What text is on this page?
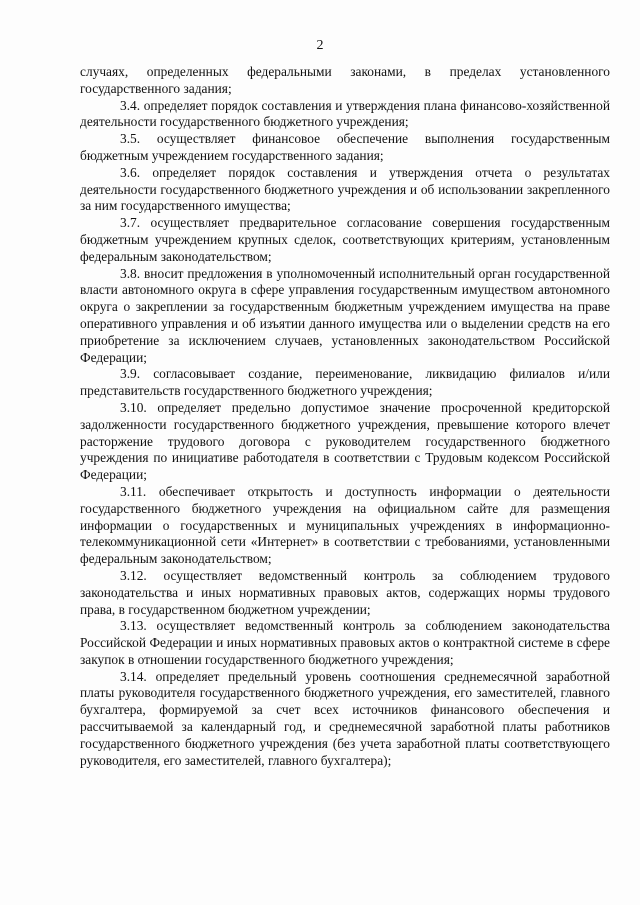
2

случаях, определенных федеральными законами, в пределах установленного государственного задания;

3.4. определяет порядок составления и утверждения плана финансово-хозяйственной деятельности государственного бюджетного учреждения;

3.5. осуществляет финансовое обеспечение выполнения государственным бюджетным учреждением государственного задания;

3.6. определяет порядок составления и утверждения отчета о результатах деятельности государственного бюджетного учреждения и об использовании закрепленного за ним государственного имущества;

3.7. осуществляет предварительное согласование совершения государственным бюджетным учреждением крупных сделок, соответствующих критериям, установленным федеральным законодательством;

3.8. вносит предложения в уполномоченный исполнительный орган государственной власти автономного округа в сфере управления государственным имуществом автономного округа о закреплении за государственным бюджетным учреждением имущества на праве оперативного управления и об изъятии данного имущества или о выделении средств на его приобретение за исключением случаев, установленных законодательством Российской Федерации;

3.9. согласовывает создание, переименование, ликвидацию филиалов и/или представительств государственного бюджетного учреждения;

3.10. определяет предельно допустимое значение просроченной кредиторской задолженности государственного бюджетного учреждения, превышение которого влечет расторжение трудового договора с руководителем государственного бюджетного учреждения по инициативе работодателя в соответствии с Трудовым кодексом Российской Федерации;

3.11. обеспечивает открытость и доступность информации о деятельности государственного бюджетного учреждения на официальном сайте для размещения информации о государственных и муниципальных учреждениях в информационно-телекоммуникационной сети «Интернет» в соответствии с требованиями, установленными федеральным законодательством;

3.12. осуществляет ведомственный контроль за соблюдением трудового законодательства и иных нормативных правовых актов, содержащих нормы трудового права, в государственном бюджетном учреждении;

3.13. осуществляет ведомственный контроль за соблюдением законодательства Российской Федерации и иных нормативных правовых актов о контрактной системе в сфере закупок в отношении государственного бюджетного учреждения;

3.14. определяет предельный уровень соотношения среднемесячной заработной платы руководителя государственного бюджетного учреждения, его заместителей, главного бухгалтера, формируемой за счет всех источников финансового обеспечения и рассчитываемой за календарный год, и среднемесячной заработной платы работников государственного бюджетного учреждения (без учета заработной платы соответствующего руководителя, его заместителей, главного бухгалтера);
